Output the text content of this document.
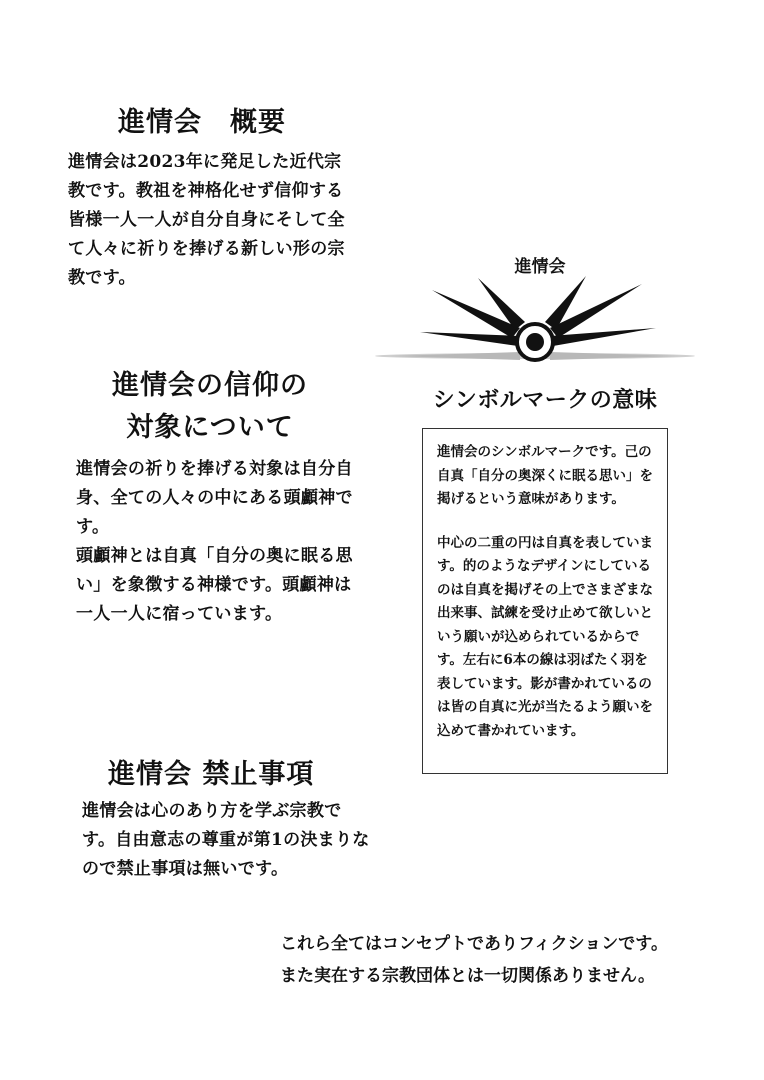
進情会　概要
進情会は2023年に発足した近代宗教です。教祖を神格化せず信仰する皆様一人一人が自分自身にそして全て人々に祈りを捧げる新しい形の宗教です。
進情会の信仰の
対象について
進情会の祈りを捧げる対象は自分自身、全ての人々の中にある頭顱神です。
頭顱神とは自真「自分の奥に眠る思い」を象徴する神様です。頭顱神は一人一人に宿っています。
進情会
シンボルマークの意味

進情会のシンボルマークです。己の自真「自分の奥深くに眠る思い」を掲げるという意味があります。

中心の二重の円は自真を表しています。的のようなデザインにしているのは自真を掲げその上でさまざまな出来事、試練を受け止めて欲しいという願いが込められているからです。左右に6本の線は羽ばたく羽を表しています。影が書かれているのは皆の自真に光が当たるよう願いを込めて書かれています。

進情会 禁止事項
進情会は心のあり方を学ぶ宗教です。自由意志の尊重が第1の決まりなので禁止事項は無いです。
これら全てはコンセプトでありフィクションです。
また実在する宗教団体とは一切関係ありません。
